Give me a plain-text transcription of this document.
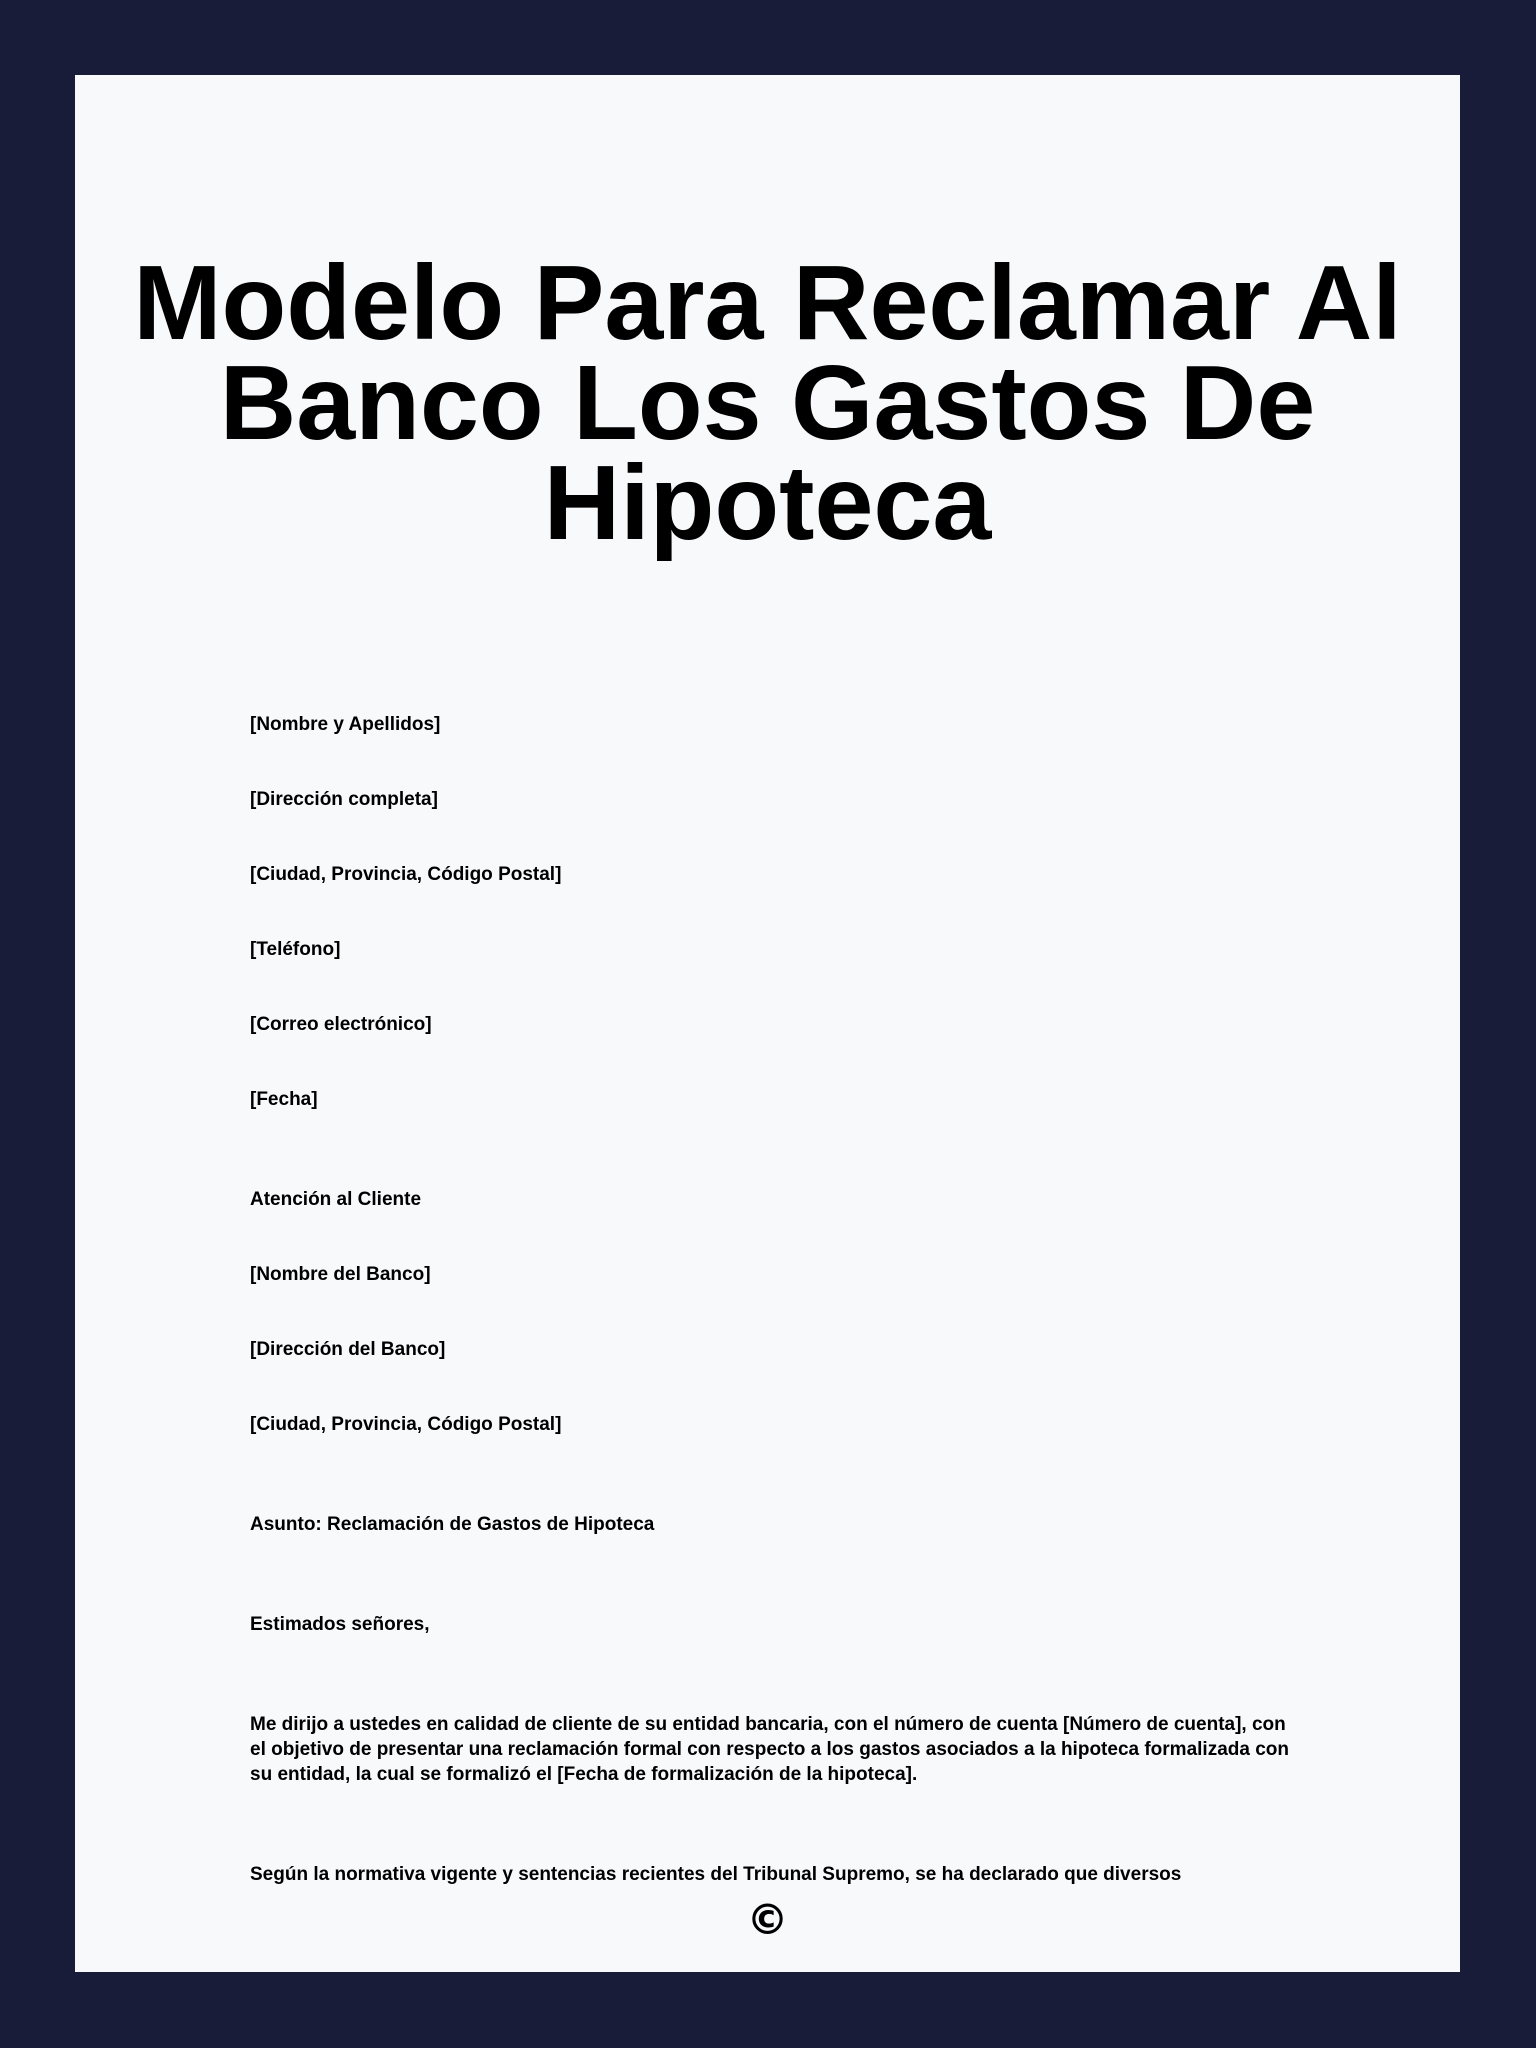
Modelo Para Reclamar Al Banco Los Gastos De Hipoteca

[Nombre y Apellidos]

[Dirección completa]

[Ciudad, Provincia, Código Postal]

[Teléfono]

[Correo electrónico]

[Fecha]

Atención al Cliente

[Nombre del Banco]

[Dirección del Banco]

[Ciudad, Provincia, Código Postal]

Asunto: Reclamación de Gastos de Hipoteca

Estimados señores,

Me dirijo a ustedes en calidad de cliente de su entidad bancaria, con el número de cuenta [Número de cuenta], con el objetivo de presentar una reclamación formal con respecto a los gastos asociados a la hipoteca formalizada con su entidad, la cual se formalizó el [Fecha de formalización de la hipoteca].

Según la normativa vigente y sentencias recientes del Tribunal Supremo, se ha declarado que diversos

©
